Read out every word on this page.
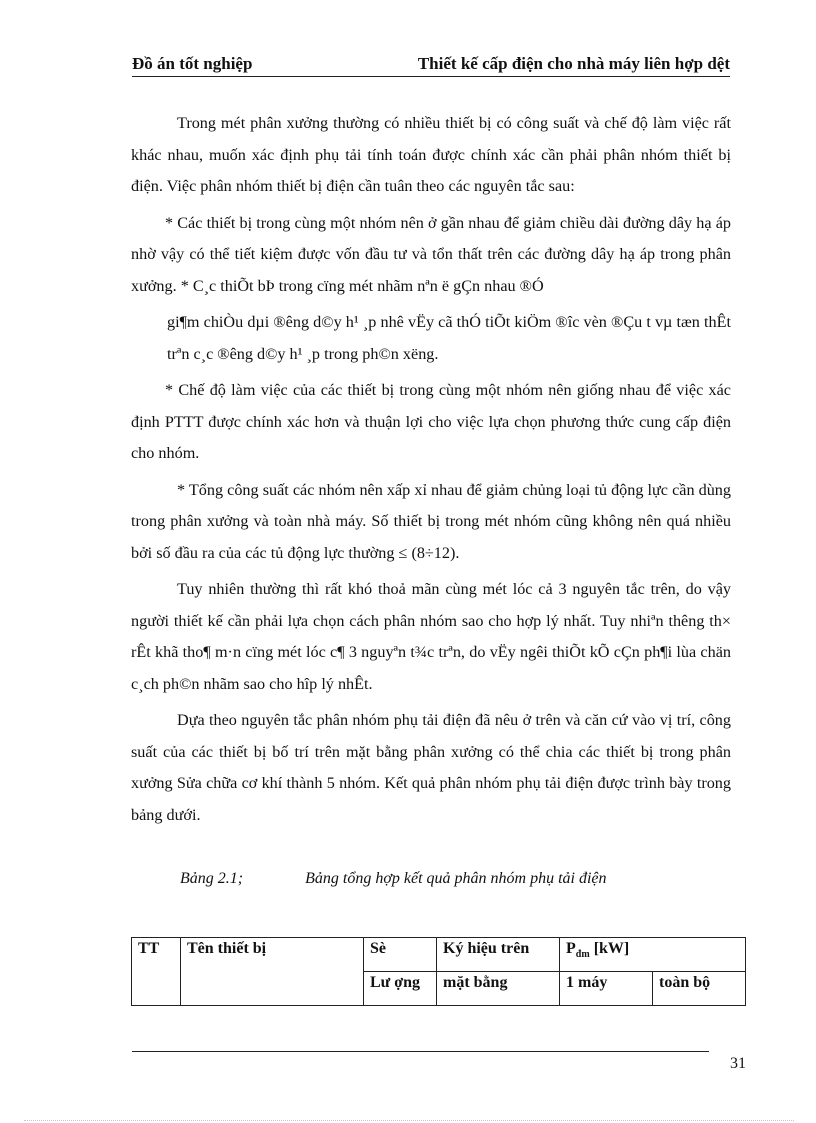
Đồ án tốt nghiệp	Thiết kế cấp điện cho nhà máy liên hợp dệt

Trong mét phân xưởng thường có nhiều thiết bị có công suất và chế độ làm việc rất khác nhau, muốn xác định phụ tải tính toán được chính xác cần phải phân nhóm thiết bị điện. Việc phân nhóm thiết bị điện cần tuân theo các nguyên tắc sau:

* Các thiết bị trong cùng một nhóm nên ở gần nhau để giảm chiều dài đường dây hạ áp nhờ vậy có thể tiết kiệm được vốn đầu tư và tổn thất trên các đường dây hạ áp trong phân xưởng. * C¸c thiÕt bÞ trong cïng mét nhãm nªn ë gÇn nhau ®Ó

gi¶m chiÒu dµi ®êng d©y h¹ ¸p nhê vËy cã thÓ tiÕt kiÖm ®îc vèn ®Çu t vµ tæn thÊt trªn c¸c ®êng d©y h¹ ¸p trong ph©n xëng.

* Chế độ làm việc của các thiết bị trong cùng một nhóm nên giống nhau để việc xác định PTTT được chính xác hơn và thuận lợi cho việc lựa chọn phương thức cung cấp điện cho nhóm.

* Tổng công suất các nhóm nên xấp xỉ nhau để giảm chủng loại tủ động lực cần dùng trong phân xưởng và toàn nhà máy. Số thiết bị trong mét nhóm cũng không nên quá nhiều bởi số đầu ra của các tủ động lực thường ≤ (8÷12).

Tuy nhiên thường thì rất khó thoả mãn cùng mét lóc cả 3 nguyên tắc trên, do vậy người thiết kế cần phải lựa chọn cách phân nhóm sao cho hợp lý nhất. Tuy nhiªn thêng th× rÊt khã tho¶ m·n cïng mét lóc c¶ 3 nguyªn t¾c trªn, do vËy ngêi thiÕt kÕ cÇn ph¶i lùa chän c¸ch ph©n nhãm sao cho hîp lý nhÊt.

Dựa theo nguyên tắc phân nhóm phụ tải điện đã nêu ở trên và căn cứ vào vị trí, công suất của các thiết bị bố trí trên mặt bằng phân xưởng có thể chia các thiết bị trong phân xưởng Sửa chữa cơ khí thành 5 nhóm. Kết quả phân nhóm phụ tải điện được trình bày trong bảng dưới.

Bảng 2.1;	Bảng tổng hợp kết quả phân nhóm phụ tải điện
TT	Tên thiết bị	Sè	Ký hiệu trên	$P_{đm}$ [kW]	
		Lư ợng	mặt bằng	1 máy	toàn bộ
31
